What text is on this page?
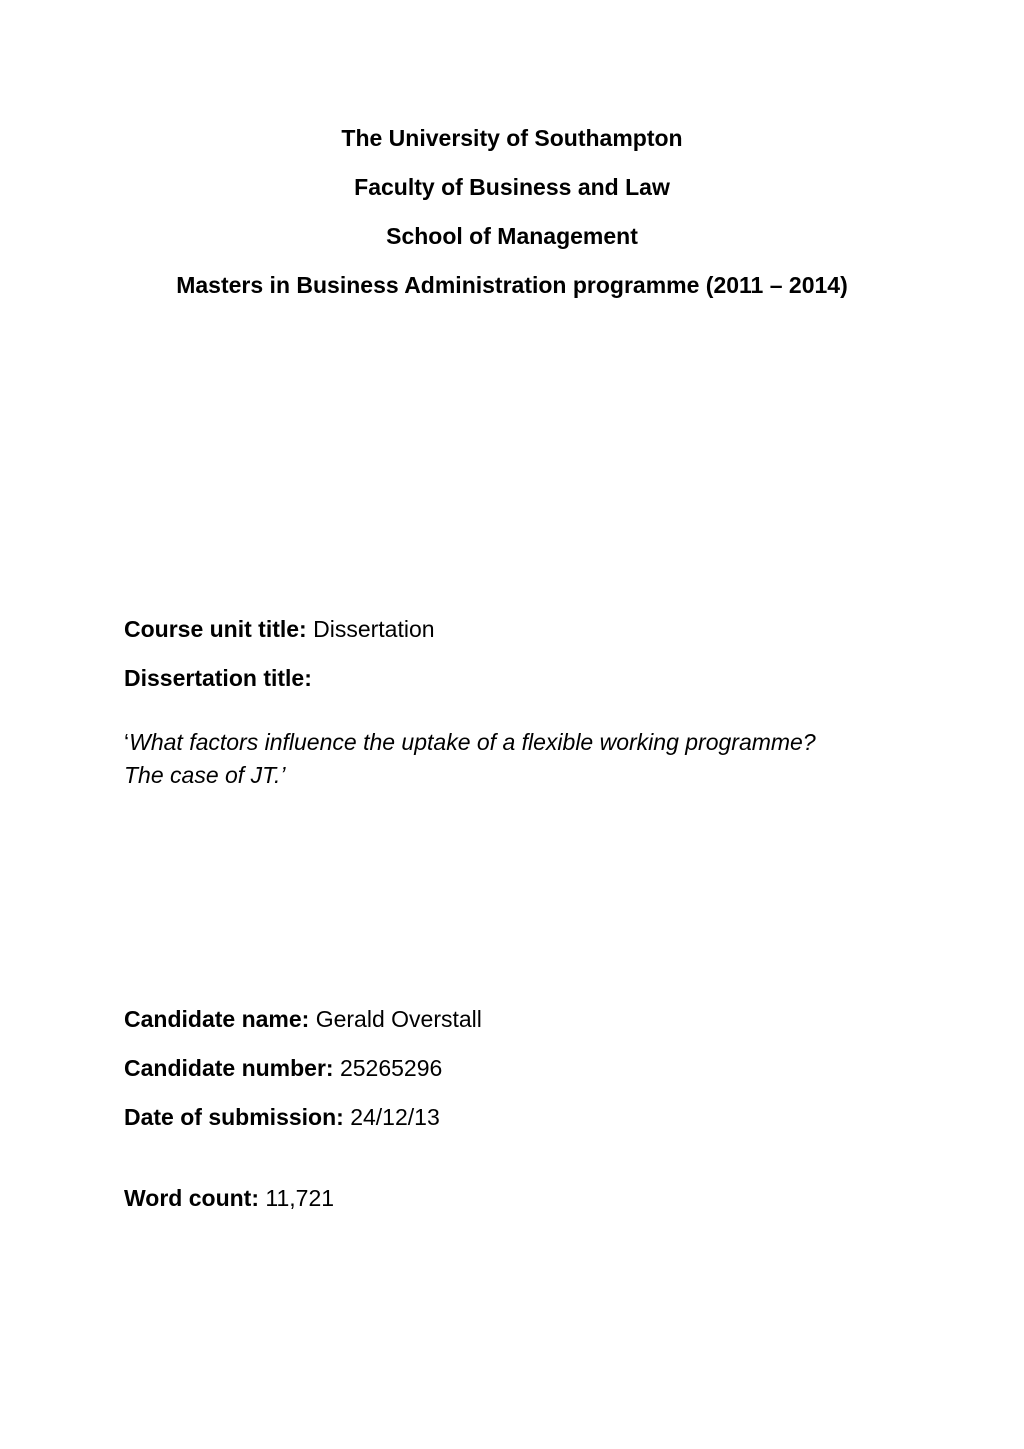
The University of Southampton

Faculty of Business and Law

School of Management

Masters in Business Administration programme (2011 – 2014)

Course unit title: Dissertation

Dissertation title:

‘What factors influence the uptake of a flexible working programme?
The case of JT.’

Candidate name: Gerald Overstall

Candidate number: 25265296

Date of submission: 24/12/13

Word count: 11,721
